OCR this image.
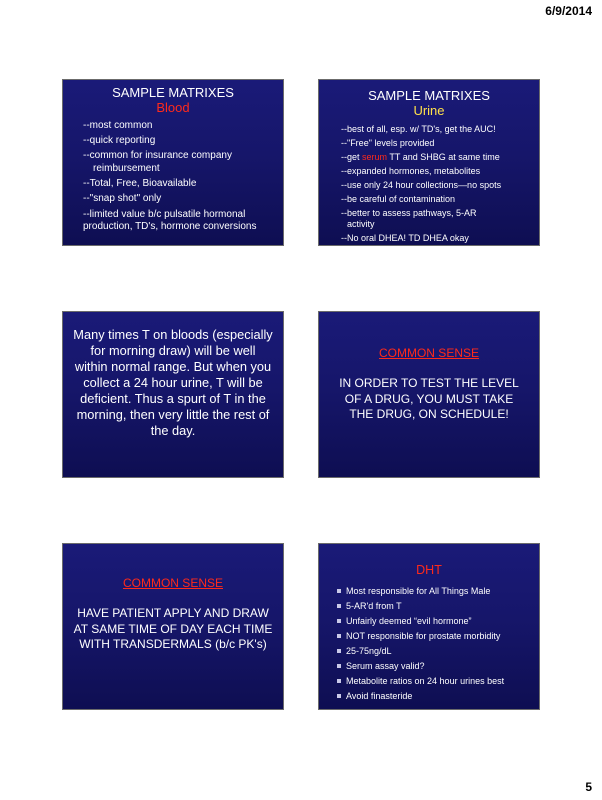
6/9/2014
SAMPLE MATRIXES
Blood
--most common
--quick reporting
--common for insurance company
reimbursement
--Total, Free, Bioavailable
--"snap shot" only
--limited value b/c pulsatile hormonal production, TD's, hormone conversions
SAMPLE MATRIXES
Urine
--best of all, esp. w/ TD's, get the AUC!
--"Free" levels provided
--get serum TT and SHBG at same time
--expanded hormones, metabolites
--use only 24 hour collections—no spots
--be careful of contamination
--better to assess pathways, 5-AR
activity
--No oral DHEA! TD DHEA okay
Many times T on bloods (especially for morning draw) will be well within normal range. But when you collect a 24 hour urine, T will be deficient. Thus a spurt of T in the morning, then very little the rest of the day.
COMMON SENSE
IN ORDER TO TEST THE LEVEL OF A DRUG, YOU MUST TAKE THE DRUG, ON SCHEDULE!
COMMON SENSE
HAVE PATIENT APPLY AND DRAW AT SAME TIME OF DAY EACH TIME WITH TRANSDERMALS (b/c PK's)
DHT
Most responsible for All Things Male
5-AR'd from T
Unfairly deemed “evil hormone”
NOT responsible for prostate morbidity
25-75ng/dL
Serum assay valid?
Metabolite ratios on 24 hour urines best
Avoid finasteride
5
